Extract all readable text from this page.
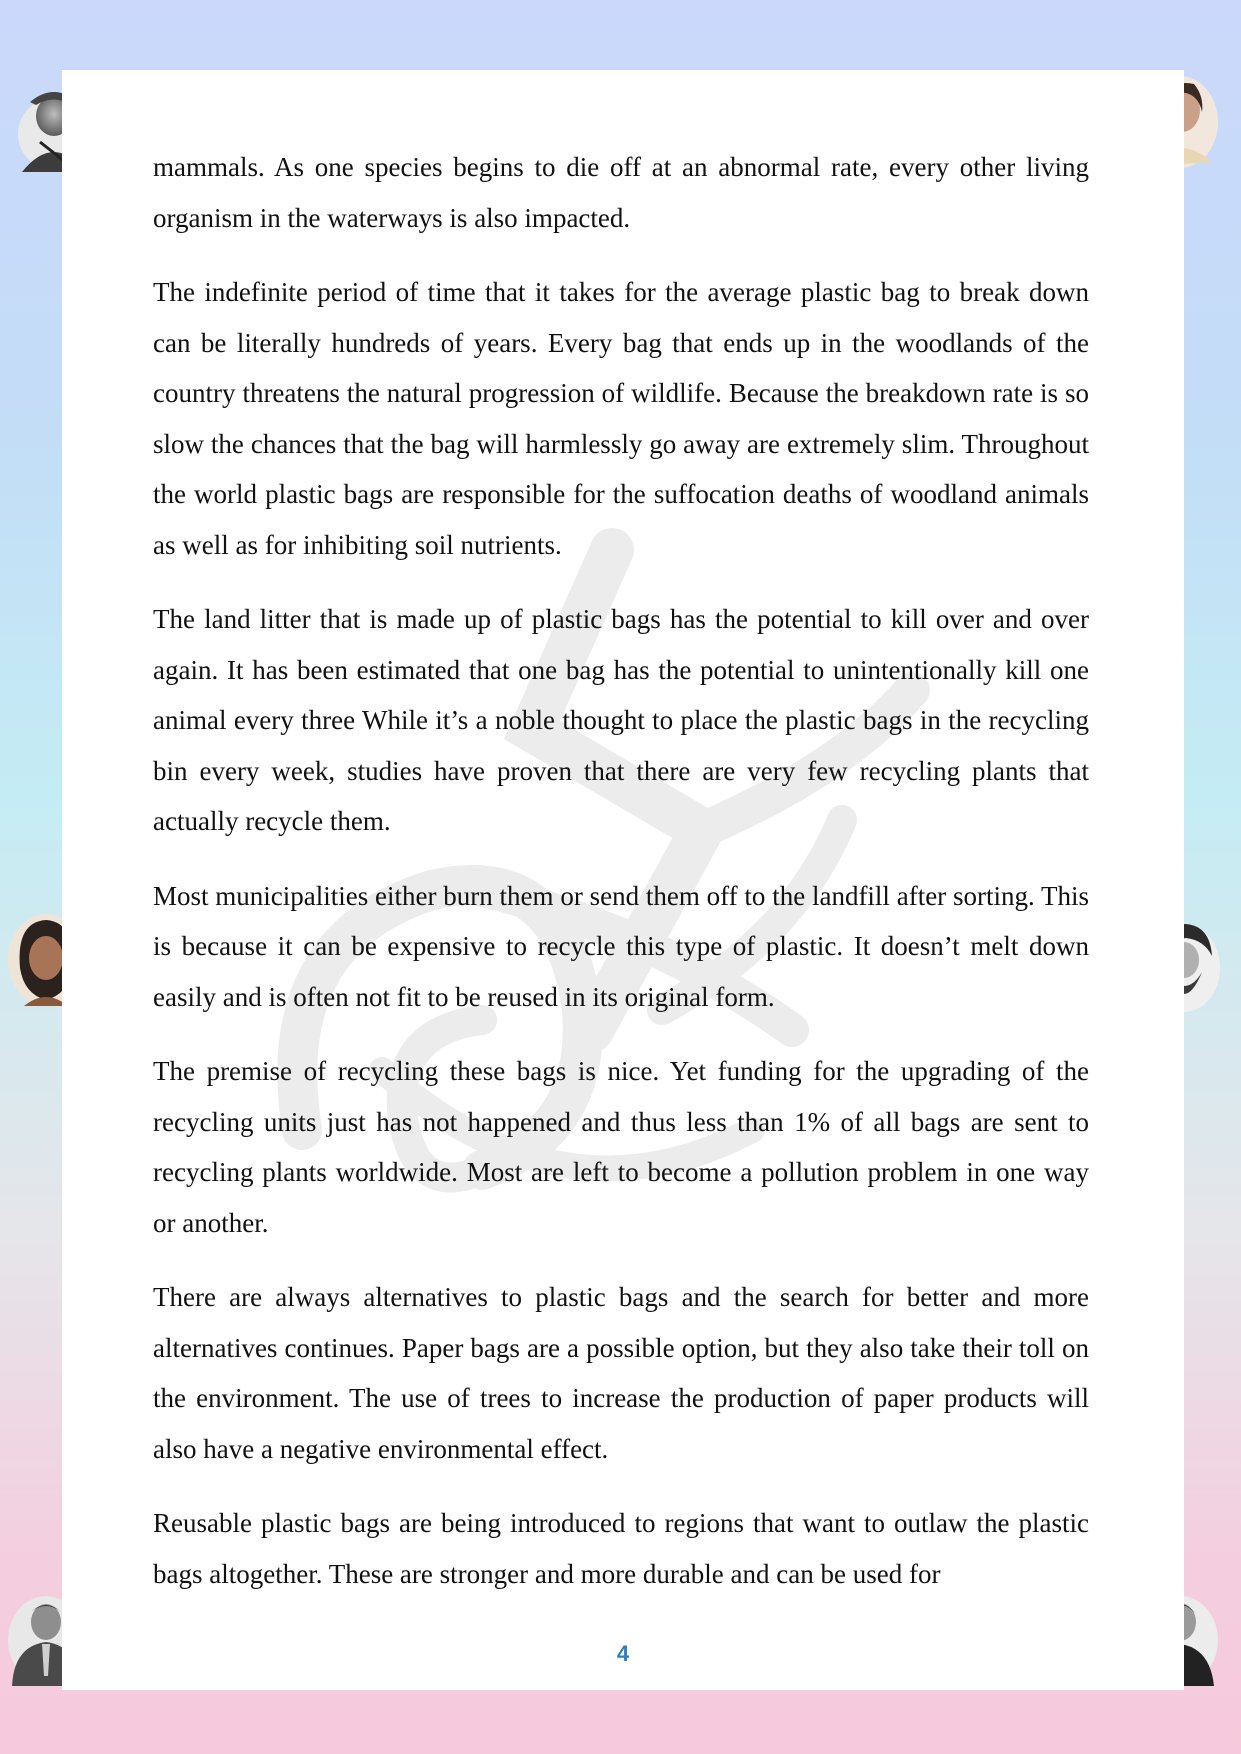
mammals. As one species begins to die off at an abnormal rate, every other living organism in the waterways is also impacted.

The indefinite period of time that it takes for the average plastic bag to break down can be literally hundreds of years. Every bag that ends up in the woodlands of the country threatens the natural progression of wildlife. Because the breakdown rate is so slow the chances that the bag will harmlessly go away are extremely slim. Throughout the world plastic bags are responsible for the suffocation deaths of woodland animals as well as for inhibiting soil nutrients.

The land litter that is made up of plastic bags has the potential to kill over and over again. It has been estimated that one bag has the potential to unintentionally kill one animal every three While it’s a noble thought to place the plastic bags in the recycling bin every week, studies have proven that there are very few recycling plants that actually recycle them.

Most municipalities either burn them or send them off to the landfill after sorting. This is because it can be expensive to recycle this type of plastic. It doesn’t melt down easily and is often not fit to be reused in its original form.

The premise of recycling these bags is nice. Yet funding for the upgrading of the recycling units just has not happened and thus less than 1% of all bags are sent to recycling plants worldwide. Most are left to become a pollution problem in one way or another.

There are always alternatives to plastic bags and the search for better and more alternatives continues. Paper bags are a possible option, but they also take their toll on the environment. The use of trees to increase the production of paper products will also have a negative environmental effect.

Reusable plastic bags are being introduced to regions that want to outlaw the plastic bags altogether. These are stronger and more durable and can be used for

4
